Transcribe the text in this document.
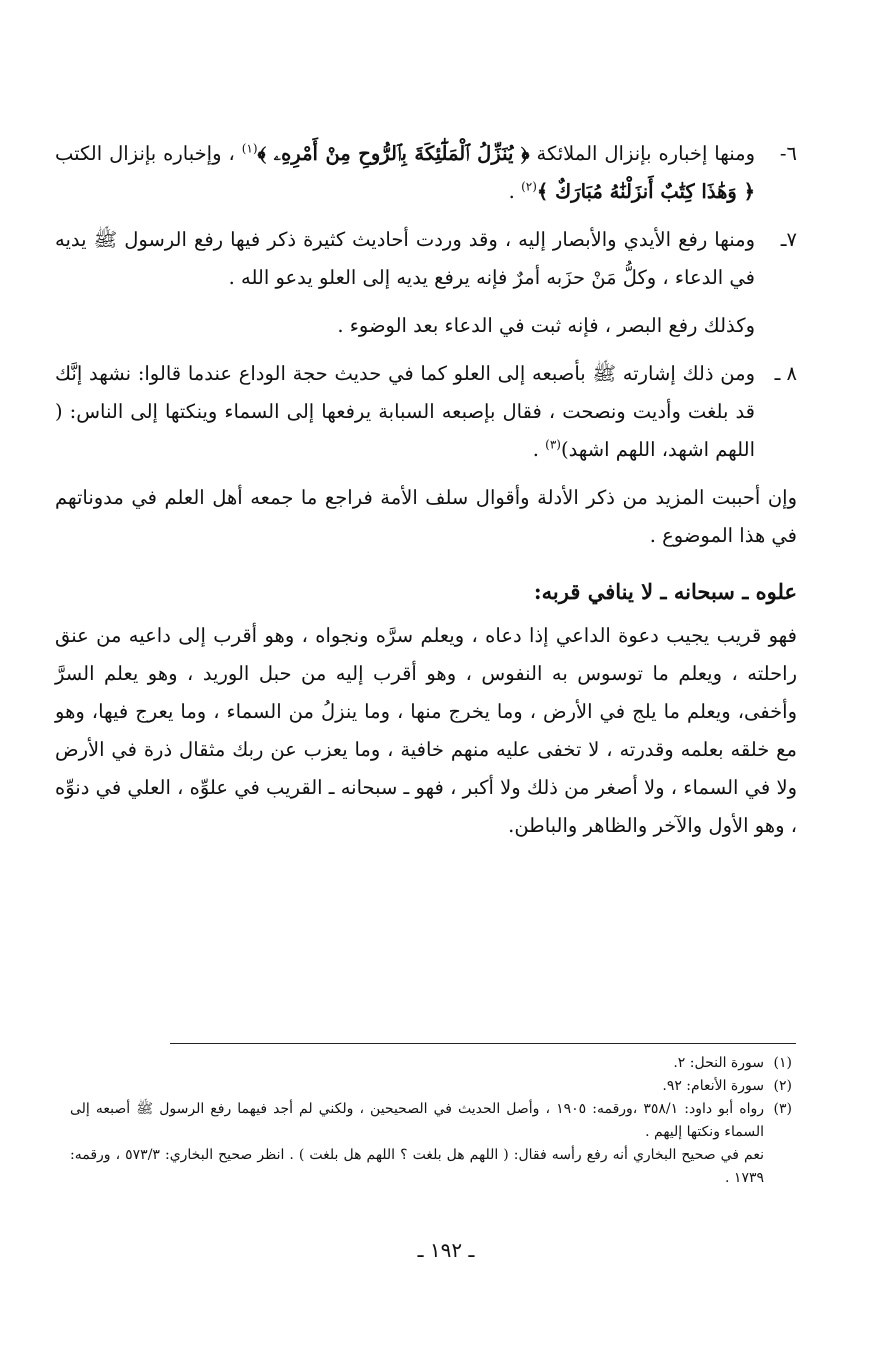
٦-
ومنها إخباره بإنزال الملائكة ﴿ يُنَزِّلُ ٱلْمَلَٰٓئِكَةَ بِٱلرُّوحِ مِنْ أَمْرِهِۦ ﴾$^{(١)}$ ، وإخباره بإنزال الكتب ﴿ وَهَٰذَا كِتَٰبٌ أَنزَلْنَٰهُ مُبَارَكٌ ﴾$^{(٢)}$ .

٧ـ
ومنها رفع الأيدي والأبصار إليه ، وقد وردت أحاديث كثيرة ذكر فيها رفع الرسول ﷺ يديه في الدعاء ، وكلُّ مَنْ حزَبه أمرٌ فإنه يرفع يديه إلى العلو يدعو الله .

وكذلك رفع البصر ، فإنه ثبت في الدعاء بعد الوضوء .

٨ ـ
ومن ذلك إشارته ﷺ بأصبعه إلى العلو كما في حديث حجة الوداع عندما قالوا: نشهد إنَّك قد بلغت وأديت ونصحت ، فقال بإصبعه السبابة يرفعها إلى السماء وينكتها إلى الناس: ( اللهم اشهد، اللهم اشهد)$^{(٣)}$ .

وإن أحببت المزيد من ذكر الأدلة وأقوال سلف الأمة فراجع ما جمعه أهل العلم في مدوناتهم في هذا الموضوع .

علوه ـ سبحانه ـ لا ينافي قربه:

فهو قريب يجيب دعوة الداعي إذا دعاه ، ويعلم سرَّه ونجواه ، وهو أقرب إلى داعيه من عنق راحلته ، ويعلم ما توسوس به النفوس ، وهو أقرب إليه من حبل الوريد ، وهو يعلم السرَّ وأخفى، ويعلم ما يلج في الأرض ، وما يخرج منها ، وما ينزلُ من السماء ، وما يعرج فيها، وهو مع خلقه بعلمه وقدرته ، لا تخفى عليه منهم خافية ، وما يعزب عن ربك مثقال ذرة في الأرض ولا في السماء ، ولا أصغر من ذلك ولا أكبر ، فهو ـ سبحانه ـ القريب في علوِّه ، العلي في دنوِّه ، وهو الأول والآخر والظاهر والباطن.

(١)
سورة النحل: ٢.

(٢)
سورة الأنعام: ٩٢.

(٣)
رواه أبو داود: ٣٥٨/١ ،ورقمه: ١٩٠٥ ، وأصل الحديث في الصحيحين ، ولكني لم أجد فيهما رفع الرسول ﷺ أصبعه إلى السماء ونكتها إليهم .

نعم في صحيح البخاري أنه رفع رأسه فقال: ( اللهم هل بلغت ؟ اللهم هل بلغت ) . انظر صحيح البخاري: ٥٧٣/٣ ، ورقمه: ١٧٣٩ .

ـ ١٩٢ ـ
